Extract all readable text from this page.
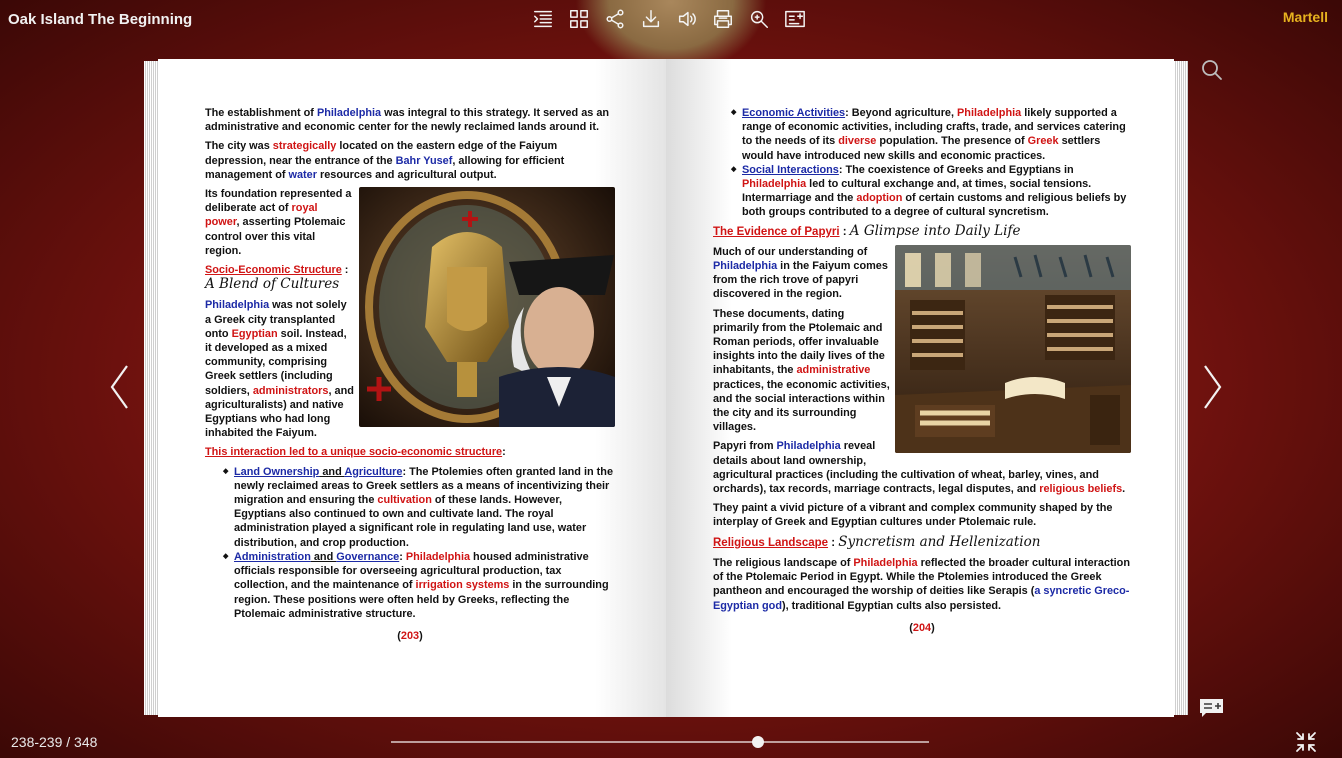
Oak Island The Beginning	Martell

The establishment of Philadelphia was integral to this strategy. It served as an administrative and economic center for the newly reclaimed lands around it.

The city was strategically located on the eastern edge of the Faiyum depression, near the entrance of the Bahr Yusef, allowing for efficient management of water resources and agricultural output.

Its foundation represented a deliberate act of royal power, asserting Ptolemaic control over this vital region.

Socio-Economic Structure : A Blend of Cultures

Philadelphia was not solely a Greek city transplanted onto Egyptian soil. Instead, it developed as a mixed community, comprising Greek settlers (including soldiers, administrators, and agriculturalists) and native Egyptians who had long inhabited the Faiyum.

This interaction led to a unique socio-economic structure:

◆ Land Ownership and Agriculture: The Ptolemies often granted land in the newly reclaimed areas to Greek settlers as a means of incentivizing their migration and ensuring the cultivation of these lands. However, Egyptians also continued to own and cultivate land. The royal administration played a significant role in regulating land use, water distribution, and crop production.
◆ Administration and Governance: Philadelphia housed administrative officials responsible for overseeing agricultural production, tax collection, and the maintenance of irrigation systems in the surrounding region. These positions were often held by Greeks, reflecting the Ptolemaic administrative structure.
(203)
◆ Economic Activities: Beyond agriculture, Philadelphia likely supported a range of economic activities, including crafts, trade, and services catering to the needs of its diverse population. The presence of Greek settlers would have introduced new skills and economic practices.
◆ Social Interactions: The coexistence of Greeks and Egyptians in Philadelphia led to cultural exchange and, at times, social tensions. Intermarriage and the adoption of certain customs and religious beliefs by both groups contributed to a degree of cultural syncretism.

The Evidence of Papyri : A Glimpse into Daily Life

Much of our understanding of Philadelphia in the Faiyum comes from the rich trove of papyri discovered in the region.

These documents, dating primarily from the Ptolemaic and Roman periods, offer invaluable insights into the daily lives of the inhabitants, the administrative practices, the economic activities, and the social interactions within the city and its surrounding villages.

Papyri from Philadelphia reveal details about land ownership, agricultural practices (including the cultivation of wheat, barley, vines, and orchards), tax records, marriage contracts, legal disputes, and religious beliefs.

They paint a vivid picture of a vibrant and complex community shaped by the interplay of Greek and Egyptian cultures under Ptolemaic rule.

Religious Landscape : Syncretism and Hellenization

The religious landscape of Philadelphia reflected the broader cultural interaction of the Ptolemaic Period in Egypt. While the Ptolemies introduced the Greek pantheon and encouraged the worship of deities like Serapis (a syncretic Greco-Egyptian god), traditional Egyptian cults also persisted.

(204)
238-239 / 348
